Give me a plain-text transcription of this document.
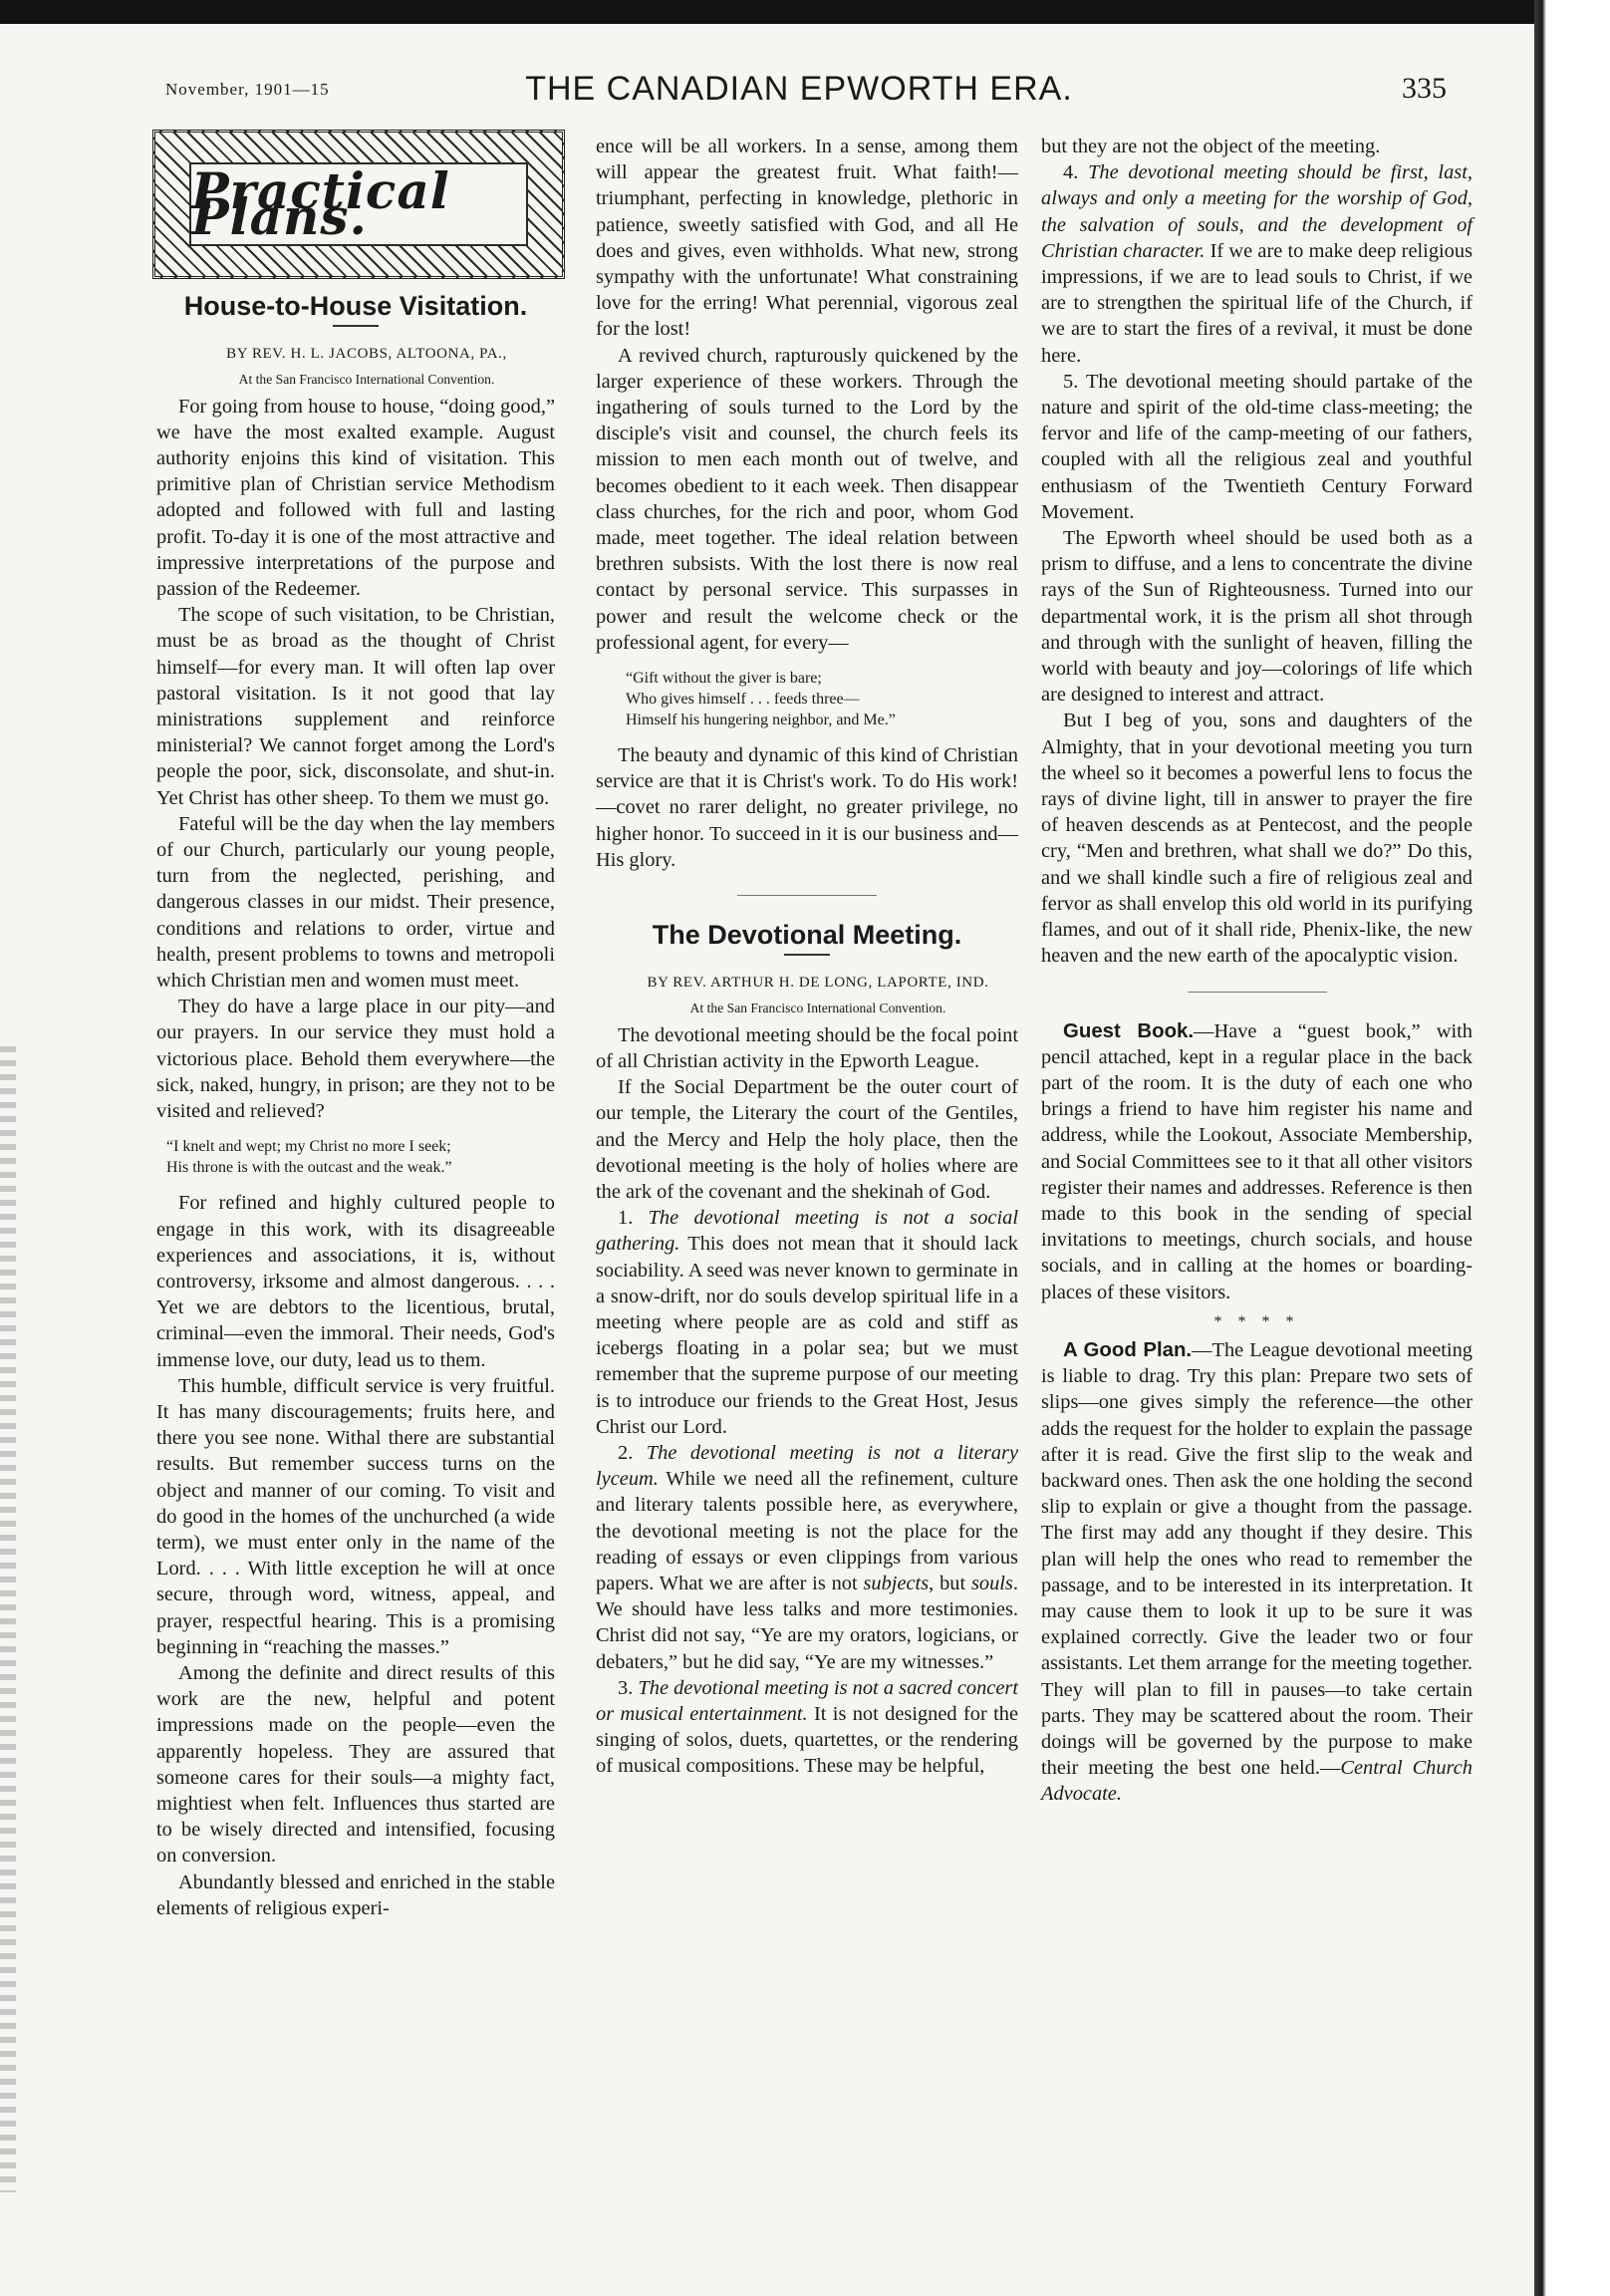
November, 1901—15	THE CANADIAN EPWORTH ERA.	335
Practical Plans.
House-to-House Visitation.

BY REV. H. L. JACOBS, ALTOONA, PA.,

At the San Francisco International Convention.

For going from house to house, “doing good,” we have the most exalted example. August authority enjoins this kind of visitation. This primitive plan of Christian service Methodism adopted and followed with full and lasting profit. To-day it is one of the most attractive and impressive interpretations of the purpose and passion of the Redeemer.

The scope of such visitation, to be Christian, must be as broad as the thought of Christ himself—for every man. It will often lap over pastoral visitation. Is it not good that lay ministrations supplement and reinforce ministerial? We cannot forget among the Lord's people the poor, sick, disconsolate, and shut-in. Yet Christ has other sheep. To them we must go.

Fateful will be the day when the lay members of our Church, particularly our young people, turn from the neglected, perishing, and dangerous classes in our midst. Their presence, conditions and relations to order, virtue and health, present problems to towns and metropoli which Christian men and women must meet.

They do have a large place in our pity—and our prayers. In our service they must hold a victorious place. Behold them everywhere—the sick, naked, hungry, in prison; are they not to be visited and relieved?

“I knelt and wept; my Christ no more I seek;
His throne is with the outcast and the weak.”

For refined and highly cultured people to engage in this work, with its disagreeable experiences and associations, it is, without controversy, irksome and almost dangerous. . . . Yet we are debtors to the licentious, brutal, criminal—even the immoral. Their needs, God's immense love, our duty, lead us to them.

This humble, difficult service is very fruitful. It has many discouragements; fruits here, and there you see none. Withal there are substantial results. But remember success turns on the object and manner of our coming. To visit and do good in the homes of the unchurched (a wide term), we must enter only in the name of the Lord. . . . With little exception he will at once secure, through word, witness, appeal, and prayer, respectful hearing. This is a promising beginning in “reaching the masses.”

Among the definite and direct results of this work are the new, helpful and potent impressions made on the people—even the apparently hopeless. They are assured that someone cares for their souls—a mighty fact, mightiest when felt. Influences thus started are to be wisely directed and intensified, focusing on conversion.

Abundantly blessed and enriched in the stable elements of religious experi-

ence will be all workers. In a sense, among them will appear the greatest fruit. What faith!—triumphant, perfecting in knowledge, plethoric in patience, sweetly satisfied with God, and all He does and gives, even withholds. What new, strong sympathy with the unfortunate! What constraining love for the erring! What perennial, vigorous zeal for the lost!

A revived church, rapturously quickened by the larger experience of these workers. Through the ingathering of souls turned to the Lord by the disciple's visit and counsel, the church feels its mission to men each month out of twelve, and becomes obedient to it each week. Then disappear class churches, for the rich and poor, whom God made, meet together. The ideal relation between brethren subsists. With the lost there is now real contact by personal service. This surpasses in power and result the welcome check or the professional agent, for every—

“Gift without the giver is bare;
Who gives himself . . . feeds three—
Himself his hungering neighbor, and Me.”

The beauty and dynamic of this kind of Christian service are that it is Christ's work. To do His work!—covet no rarer delight, no greater privilege, no higher honor. To succeed in it is our business and—His glory.

The Devotional Meeting.

BY REV. ARTHUR H. DE LONG, LAPORTE, IND.

At the San Francisco International Convention.

The devotional meeting should be the focal point of all Christian activity in the Epworth League.

If the Social Department be the outer court of our temple, the Literary the court of the Gentiles, and the Mercy and Help the holy place, then the devotional meeting is the holy of holies where are the ark of the covenant and the shekinah of God.

1. The devotional meeting is not a social gathering. This does not mean that it should lack sociability. A seed was never known to germinate in a snow-drift, nor do souls develop spiritual life in a meeting where people are as cold and stiff as icebergs floating in a polar sea; but we must remember that the supreme purpose of our meeting is to introduce our friends to the Great Host, Jesus Christ our Lord.

2. The devotional meeting is not a literary lyceum. While we need all the refinement, culture and literary talents possible here, as everywhere, the devotional meeting is not the place for the reading of essays or even clippings from various papers. What we are after is not subjects, but souls. We should have less talks and more testimonies. Christ did not say, “Ye are my orators, logicians, or debaters,” but he did say, “Ye are my witnesses.”

3. The devotional meeting is not a sacred concert or musical entertainment. It is not designed for the singing of solos, duets, quartettes, or the rendering of musical compositions. These may be helpful,

but they are not the object of the meeting.

4. The devotional meeting should be first, last, always and only a meeting for the worship of God, the salvation of souls, and the development of Christian character. If we are to make deep religious impressions, if we are to lead souls to Christ, if we are to strengthen the spiritual life of the Church, if we are to start the fires of a revival, it must be done here.

5. The devotional meeting should partake of the nature and spirit of the old-time class-meeting; the fervor and life of the camp-meeting of our fathers, coupled with all the religious zeal and youthful enthusiasm of the Twentieth Century Forward Movement.

The Epworth wheel should be used both as a prism to diffuse, and a lens to concentrate the divine rays of the Sun of Righteousness. Turned into our departmental work, it is the prism all shot through and through with the sunlight of heaven, filling the world with beauty and joy—colorings of life which are designed to interest and attract.

But I beg of you, sons and daughters of the Almighty, that in your devotional meeting you turn the wheel so it becomes a powerful lens to focus the rays of divine light, till in answer to prayer the fire of heaven descends as at Pentecost, and the people cry, “Men and brethren, what shall we do?” Do this, and we shall kindle such a fire of religious zeal and fervor as shall envelop this old world in its purifying flames, and out of it shall ride, Phenix-like, the new heaven and the new earth of the apocalyptic vision.

Guest Book.—Have a “guest book,” with pencil attached, kept in a regular place in the back part of the room. It is the duty of each one who brings a friend to have him register his name and address, while the Lookout, Associate Membership, and Social Committees see to it that all other visitors register their names and addresses. Reference is then made to this book in the sending of special invitations to meetings, church socials, and house socials, and in calling at the homes or boarding-places of these visitors.

* * * *

A Good Plan.—The League devotional meeting is liable to drag. Try this plan: Prepare two sets of slips—one gives simply the reference—the other adds the request for the holder to explain the passage after it is read. Give the first slip to the weak and backward ones. Then ask the one holding the second slip to explain or give a thought from the passage. The first may add any thought if they desire. This plan will help the ones who read to remember the passage, and to be interested in its interpretation. It may cause them to look it up to be sure it was explained correctly. Give the leader two or four assistants. Let them arrange for the meeting together. They will plan to fill in pauses—to take certain parts. They may be scattered about the room. Their doings will be governed by the purpose to make their meeting the best one held.—Central Church Advocate.
